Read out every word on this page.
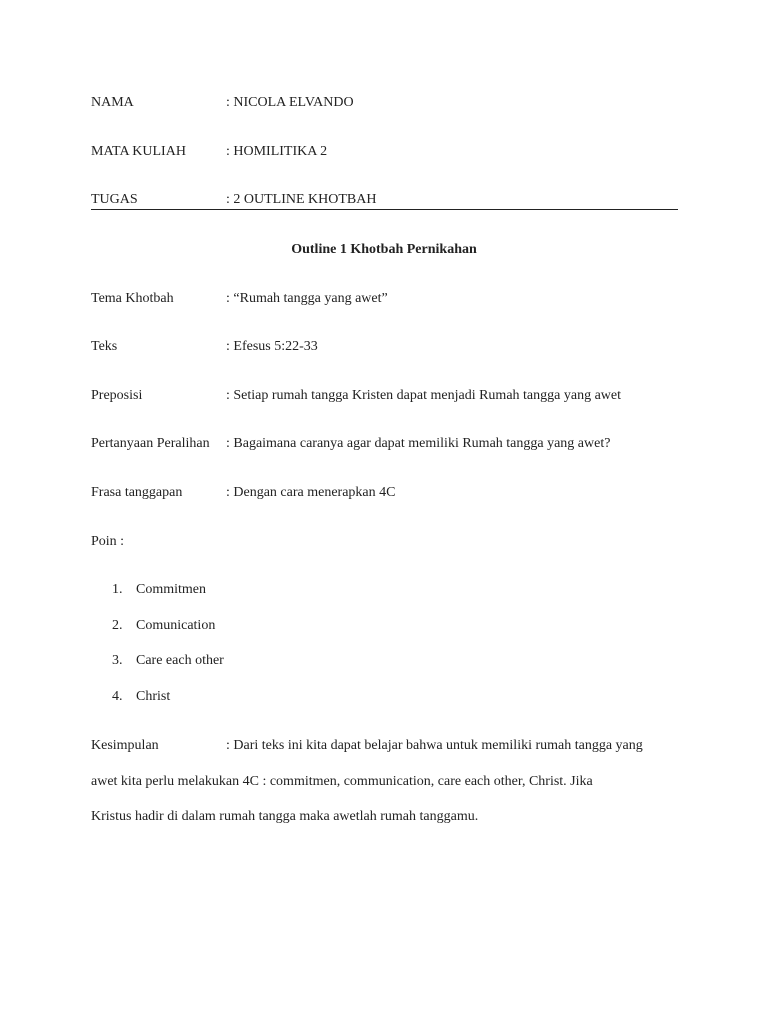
NAMA	: NICOLA ELVANDO
MATA KULIAH	: HOMILITIKA 2
TUGAS	: 2 OUTLINE KHOTBAH
Outline 1 Khotbah Pernikahan
Tema Khotbah	: “Rumah tangga yang awet”
Teks	: Efesus 5:22-33
Preposisi	: Setiap rumah tangga Kristen dapat menjadi Rumah tangga yang awet
Pertanyaan Peralihan : Bagaimana caranya agar dapat memiliki Rumah tangga yang awet?
Frasa tanggapan	: Dengan cara menerapkan 4C
Poin :
1. Commitmen
2. Comunication
3. Care each other
4. Christ
Kesimpulan	: Dari teks ini kita dapat belajar bahwa untuk memiliki rumah tangga yang
awet kita perlu melakukan 4C : commitmen, communication, care each other, Christ. Jika
Kristus hadir di dalam rumah tangga maka awetlah rumah tanggamu.
